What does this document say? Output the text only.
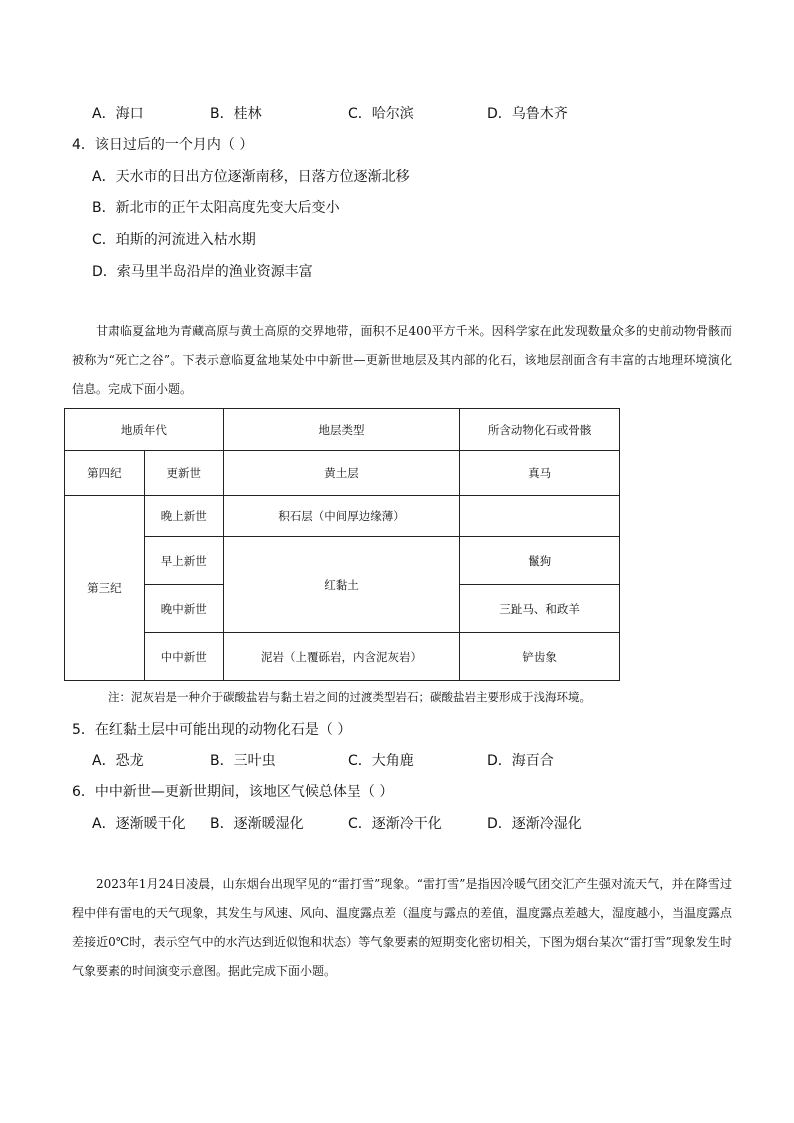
A．海口	B．桂林	C．哈尔滨	D．乌鲁木齐
4．该日过后的一个月内（ ）
A．天水市的日出方位逐渐南移，日落方位逐渐北移
B．新北市的正午太阳高度先变大后变小
C．珀斯的河流进入枯水期
D．索马里半岛沿岸的渔业资源丰富

甘肃临夏盆地为青藏高原与黄土高原的交界地带，面积不足400平方千米。因科学家在此发现数量众多的史前动物骨骸而被称为“死亡之谷”。下表示意临夏盆地某处中中新世—更新世地层及其内部的化石，该地层剖面含有丰富的古地理环境演化信息。完成下面小题。

地质年代		地层类型	所含动物化石或骨骸
第四纪	更新世	黄土层	真马
第三纪	晚上新世	积石层（中间厚边缘薄）	
	早上新世	红黏土	鬣狗
	晚中新世		三趾马、和政羊
	中中新世	泥岩（上覆砾岩，内含泥灰岩）	铲齿象
注：泥灰岩是一种介于碳酸盐岩与黏土岩之间的过渡类型岩石；碳酸盐岩主要形成于浅海环境。
5．在红黏土层中可能出现的动物化石是（ ）
A．恐龙	B．三叶虫	C．大角鹿	D．海百合
6．中中新世—更新世期间，该地区气候总体呈（ ）
A．逐渐暖干化 B．逐渐暖湿化	C．逐渐冷干化	D．逐渐冷湿化

2023年1月24日凌晨，山东烟台出现罕见的“雷打雪”现象。“雷打雪”是指因冷暖气团交汇产生强对流天气，并在降雪过程中伴有雷电的天气现象，其发生与风速、风向、温度露点差（温度与露点的差值，温度露点差越大，湿度越小，当温度露点差接近0℃时，表示空气中的水汽达到近似饱和状态）等气象要素的短期变化密切相关，下图为烟台某次“雷打雪”现象发生时气象要素的时间演变示意图。据此完成下面小题。
